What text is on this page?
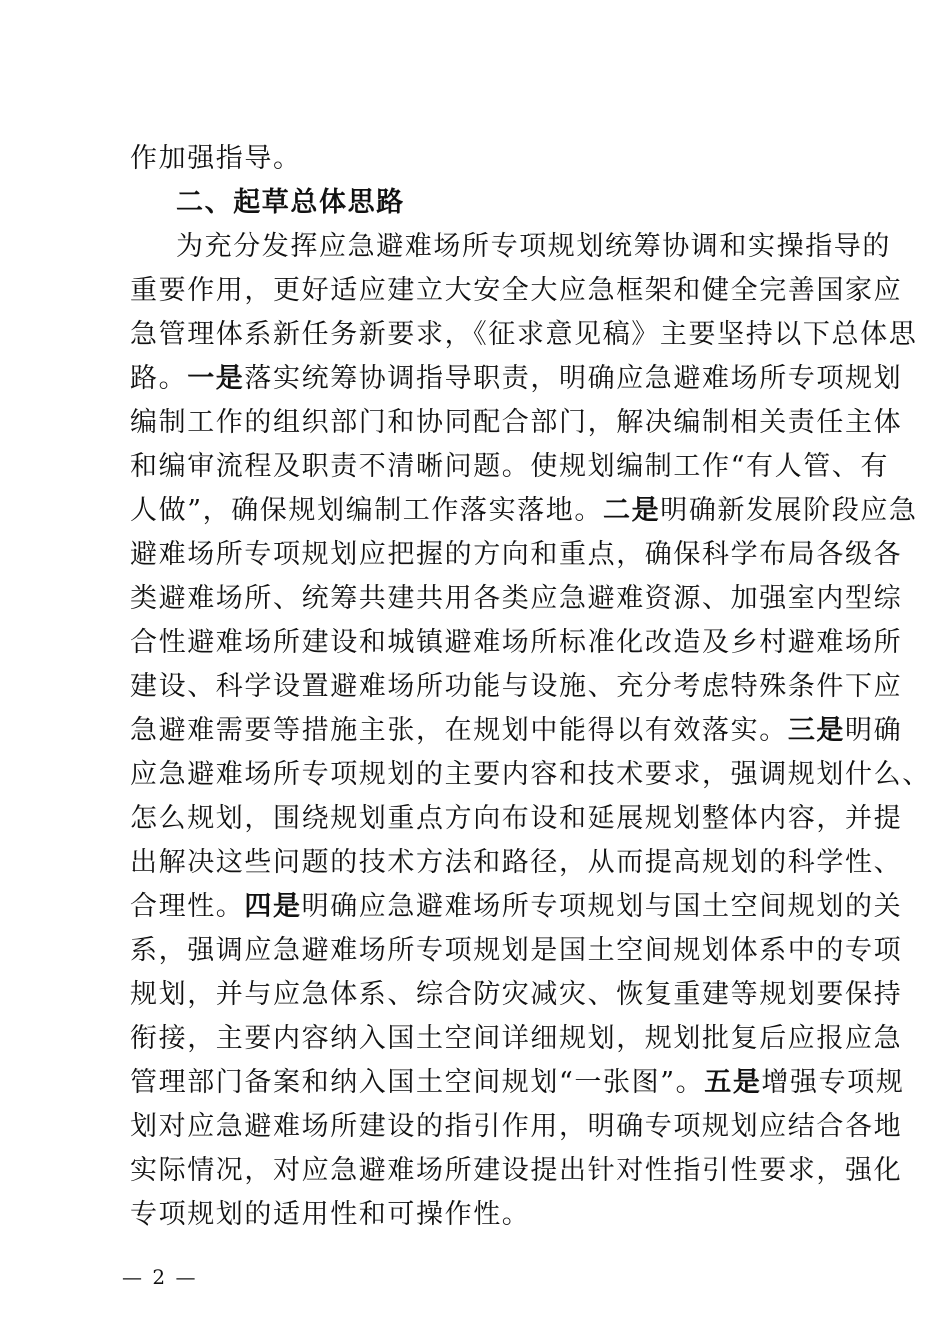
作加强指导。
二、起草总体思路
为充分发挥应急避难场所专项规划统筹协调和实操指导的
重要作用，更好适应建立大安全大应急框架和健全完善国家应
急管理体系新任务新要求，《征求意见稿》主要坚持以下总体思
路。一是落实统筹协调指导职责，明确应急避难场所专项规划
编制工作的组织部门和协同配合部门，解决编制相关责任主体
和编审流程及职责不清晰问题。使规划编制工作“有人管、有
人做”，确保规划编制工作落实落地。二是明确新发展阶段应急
避难场所专项规划应把握的方向和重点，确保科学布局各级各
类避难场所、统筹共建共用各类应急避难资源、加强室内型综
合性避难场所建设和城镇避难场所标准化改造及乡村避难场所
建设、科学设置避难场所功能与设施、充分考虑特殊条件下应
急避难需要等措施主张，在规划中能得以有效落实。三是明确
应急避难场所专项规划的主要内容和技术要求，强调规划什么、
怎么规划，围绕规划重点方向布设和延展规划整体内容，并提
出解决这些问题的技术方法和路径，从而提高规划的科学性、
合理性。四是明确应急避难场所专项规划与国土空间规划的关
系，强调应急避难场所专项规划是国土空间规划体系中的专项
规划，并与应急体系、综合防灾减灾、恢复重建等规划要保持
衔接，主要内容纳入国土空间详细规划，规划批复后应报应急
管理部门备案和纳入国土空间规划“一张图”。五是增强专项规
划对应急避难场所建设的指引作用，明确专项规划应结合各地
实际情况，对应急避难场所建设提出针对性指引性要求，强化
专项规划的适用性和可操作性。
— 2 —
